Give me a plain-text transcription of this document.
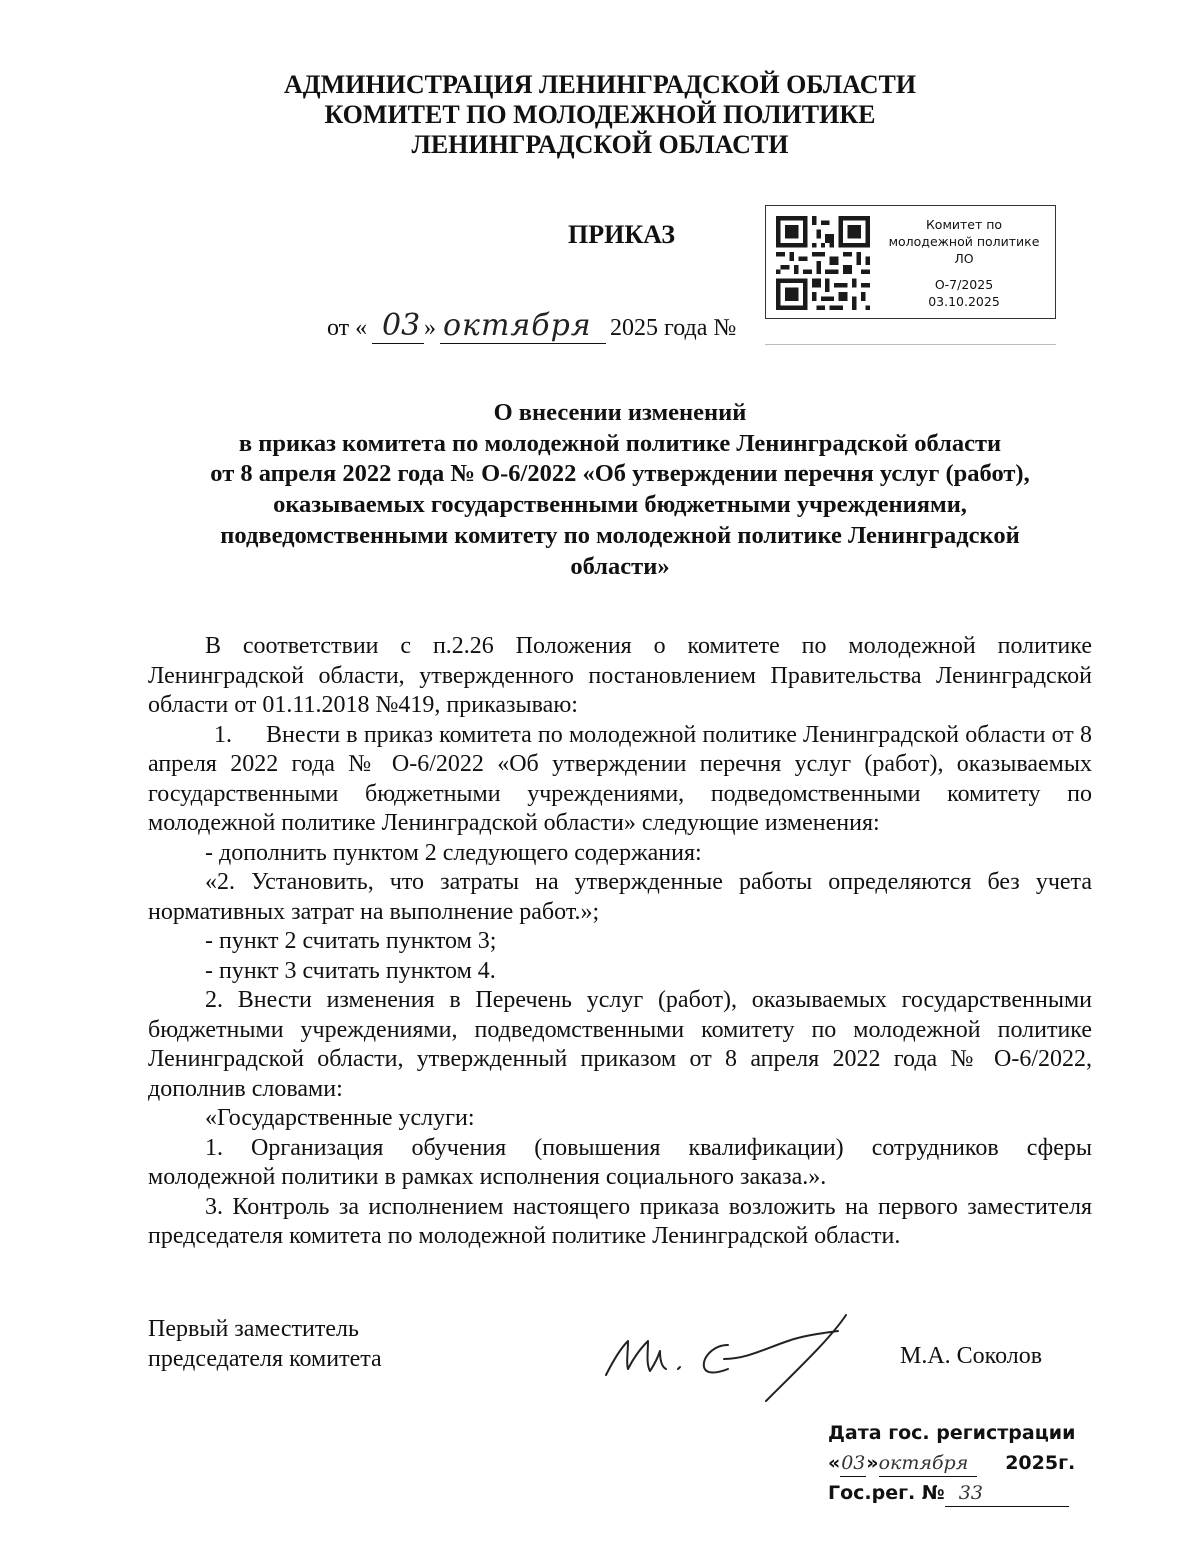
АДМИНИСТРАЦИЯ ЛЕНИНГРАДСКОЙ ОБЛАСТИ
КОМИТЕТ ПО МОЛОДЕЖНОЙ ПОЛИТИКЕ
ЛЕНИНГРАДСКОЙ ОБЛАСТИ
ПРИКАЗ	Комитет по
молодежной политике
ЛО
О-7/2025
03.10.2025
от « 03 » октября 2025 года №
О внесении изменений
в приказ комитета по молодежной политике Ленинградской области
от 8 апреля 2022 года № О-6/2022 «Об утверждении перечня услуг (работ),
оказываемых государственными бюджетными учреждениями,
подведомственными комитету по молодежной политике Ленинградской
области»

В соответствии с п.2.26 Положения о комитете по молодежной политике Ленинградской области, утвержденного постановлением Правительства Ленинградской области от 01.11.2018 №419, приказываю:

1. Внести в приказ комитета по молодежной политике Ленинградской области от 8 апреля 2022 года № О-6/2022 «Об утверждении перечня услуг (работ), оказываемых государственными бюджетными учреждениями, подведомственными комитету по молодежной политике Ленинградской области» следующие изменения:

- дополнить пунктом 2 следующего содержания:

«2. Установить, что затраты на утвержденные работы определяются без учета нормативных затрат на выполнение работ.»;

- пункт 2 считать пунктом 3;

- пункт 3 считать пунктом 4.

2. Внести изменения в Перечень услуг (работ), оказываемых государственными бюджетными учреждениями, подведомственными комитету по молодежной политике Ленинградской области, утвержденный приказом от 8 апреля 2022 года № О-6/2022, дополнив словами:

«Государственные услуги:

1. Организация обучения (повышения квалификации) сотрудников сферы молодежной политики в рамках исполнения социального заказа.».

3. Контроль за исполнением настоящего приказа возложить на первого заместителя председателя комитета по молодежной политике Ленинградской области.

Первый заместитель
председателя комитета	М.А. Соколов
Дата гос. регистрации
«03»октября 2025г.
Гос.рег. № 33
